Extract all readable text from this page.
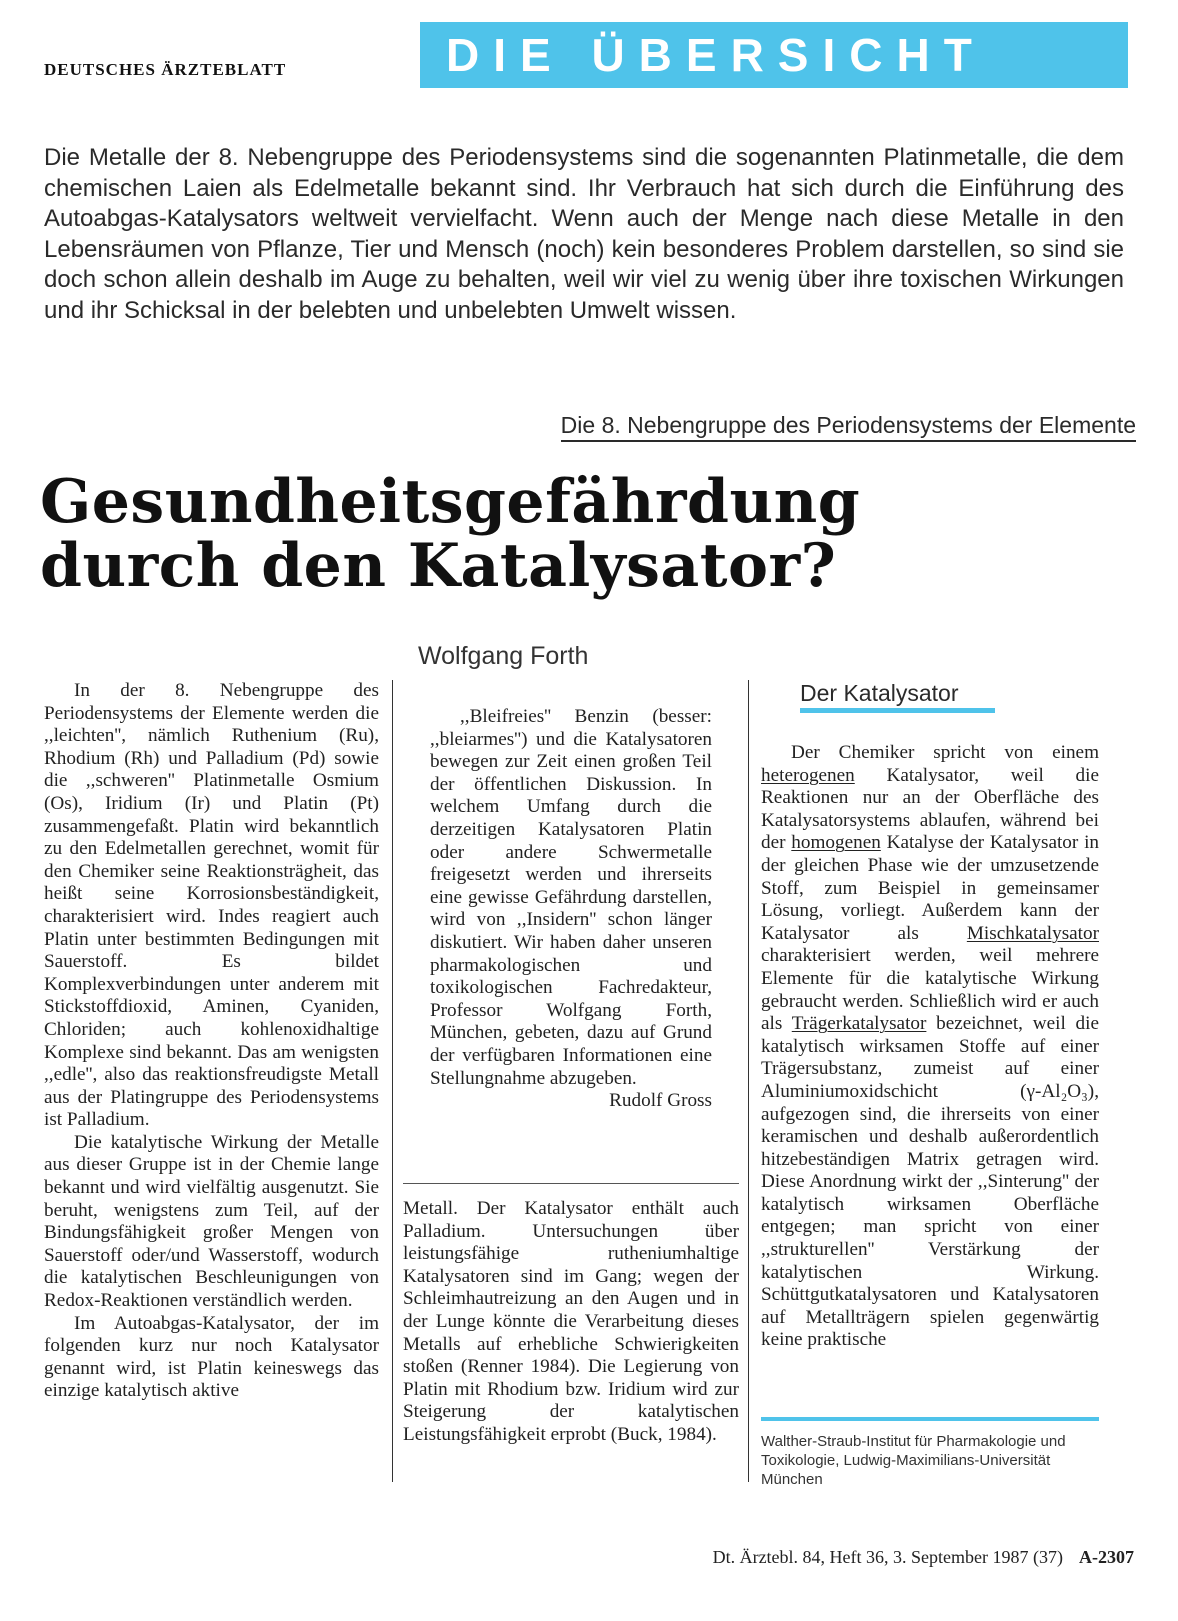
DEUTSCHES ÄRZTEBLATT	DIE ÜBERSICHT

Die Metalle der 8. Nebengruppe des Periodensystems sind die sogenannten Platinmetalle, die dem chemischen Laien als Edelmetalle bekannt sind. Ihr Verbrauch hat sich durch die Einführung des Autoabgas-Katalysators weltweit vervielfacht. Wenn auch der Menge nach diese Metalle in den Lebensräumen von Pflanze, Tier und Mensch (noch) kein besonderes Problem darstellen, so sind sie doch schon allein deshalb im Auge zu behalten, weil wir viel zu wenig über ihre toxischen Wirkungen und ihr Schicksal in der belebten und unbelebten Umwelt wissen.

Die 8. Nebengruppe des Periodensystems der Elemente
Gesundheitsgefährdung
durch den Katalysator?
Wolfgang Forth

In der 8. Nebengruppe des Periodensystems der Elemente werden die ,,leichten'', nämlich Ruthenium (Ru), Rhodium (Rh) und Palladium (Pd) sowie die ,,schweren'' Platinmetalle Osmium (Os), Iridium (Ir) und Platin (Pt) zusammengefaßt. Platin wird bekanntlich zu den Edelmetallen gerechnet, womit für den Chemiker seine Reaktionsträgheit, das heißt seine Korrosionsbeständigkeit, charakterisiert wird. Indes reagiert auch Platin unter bestimmten Bedingungen mit Sauerstoff. Es bildet Komplexverbindungen unter anderem mit Stickstoffdioxid, Aminen, Cyaniden, Chloriden; auch kohlenoxidhaltige Komplexe sind bekannt. Das am wenigsten ,,edle'', also das reaktionsfreudigste Metall aus der Platingruppe des Periodensystems ist Palladium.

Die katalytische Wirkung der Metalle aus dieser Gruppe ist in der Chemie lange bekannt und wird vielfältig ausgenutzt. Sie beruht, wenigstens zum Teil, auf der Bindungsfähigkeit großer Mengen von Sauerstoff oder/und Wasserstoff, wodurch die katalytischen Beschleunigungen von Redox-Reaktionen verständlich werden.

Im Autoabgas-Katalysator, der im folgenden kurz nur noch Katalysator genannt wird, ist Platin keineswegs das einzige katalytisch aktive

,,Bleifreies'' Benzin (besser: ,,bleiarmes'') und die Katalysatoren bewegen zur Zeit einen großen Teil der öffentlichen Diskussion. In welchem Umfang durch die derzeitigen Katalysatoren Platin oder andere Schwermetalle freigesetzt werden und ihrerseits eine gewisse Gefährdung darstellen, wird von ,,Insidern'' schon länger diskutiert. Wir haben daher unseren pharmakologischen und toxikologischen Fachredakteur, Professor Wolfgang Forth, München, gebeten, dazu auf Grund der verfügbaren Informationen eine Stellungnahme abzugeben.

Rudolf Gross

Metall. Der Katalysator enthält auch Palladium. Untersuchungen über leistungsfähige rutheniumhaltige Katalysatoren sind im Gang; wegen der Schleimhautreizung an den Augen und in der Lunge könnte die Verarbeitung dieses Metalls auf erhebliche Schwierigkeiten stoßen (Renner 1984). Die Legierung von Platin mit Rhodium bzw. Iridium wird zur Steigerung der katalytischen Leistungsfähigkeit erprobt (Buck, 1984).

Der Katalysator

Der Chemiker spricht von einem heterogenen Katalysator, weil die Reaktionen nur an der Oberfläche des Katalysatorsystems ablaufen, während bei der homogenen Katalyse der Katalysator in der gleichen Phase wie der umzusetzende Stoff, zum Beispiel in gemeinsamer Lösung, vorliegt. Außerdem kann der Katalysator als Mischkatalysator charakterisiert werden, weil mehrere Elemente für die katalytische Wirkung gebraucht werden. Schließlich wird er auch als Trägerkatalysator bezeichnet, weil die katalytisch wirksamen Stoffe auf einer Trägersubstanz, zumeist auf einer Aluminiumoxidschicht (γ-Al₂O₃), aufgezogen sind, die ihrerseits von einer keramischen und deshalb außerordentlich hitzebeständigen Matrix getragen wird. Diese Anordnung wirkt der ,,Sinterung'' der katalytisch wirksamen Oberfläche entgegen; man spricht von einer ,,strukturellen'' Verstärkung der katalytischen Wirkung. Schüttgutkatalysatoren und Katalysatoren auf Metallträgern spielen gegenwärtig keine praktische

Walther-Straub-Institut für Pharmakologie und Toxikologie, Ludwig-Maximilians-Universität München

Dt. Ärztebl. 84, Heft 36, 3. September 1987 (37) A-2307
